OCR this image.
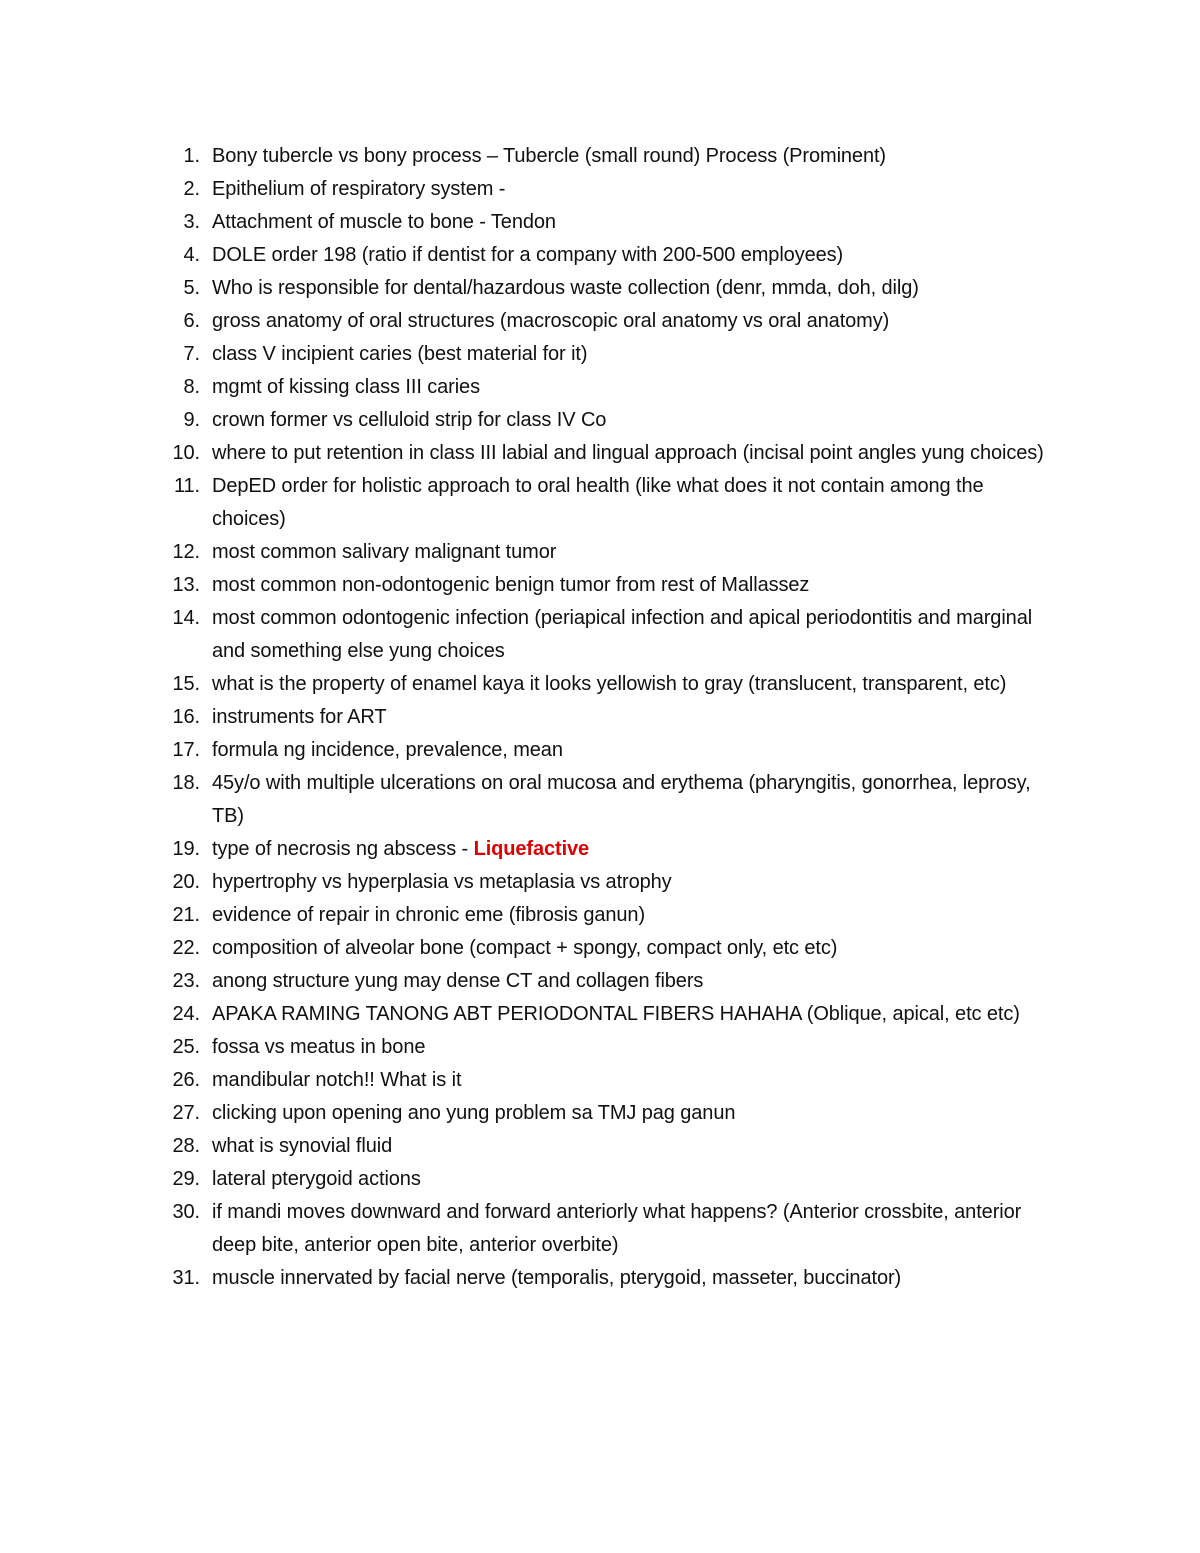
1. Bony tubercle vs bony process – Tubercle (small round) Process (Prominent)
2. Epithelium of respiratory system -
3. Attachment of muscle to bone - Tendon
4. DOLE order 198 (ratio if dentist for a company with 200-500 employees)
5. Who is responsible for dental/hazardous waste collection (denr, mmda, doh, dilg)
6. gross anatomy of oral structures (macroscopic oral anatomy vs oral anatomy)
7. class V incipient caries (best material for it)
8. mgmt of kissing class III caries
9. crown former vs celluloid strip for class IV Co
10. where to put retention in class III labial and lingual approach (incisal point angles yung choices)
11. DepED order for holistic approach to oral health (like what does it not contain among the choices)
12. most common salivary malignant tumor
13. most common non-odontogenic benign tumor from rest of Mallassez
14. most common odontogenic infection (periapical infection and apical periodontitis and marginal and something else yung choices
15. what is the property of enamel kaya it looks yellowish to gray (translucent, transparent, etc)
16. instruments for ART
17. formula ng incidence, prevalence, mean
18. 45y/o with multiple ulcerations on oral mucosa and erythema (pharyngitis, gonorrhea, leprosy, TB)
19. type of necrosis ng abscess - Liquefactive
20. hypertrophy vs hyperplasia vs metaplasia vs atrophy
21. evidence of repair in chronic eme (fibrosis ganun)
22. composition of alveolar bone (compact + spongy, compact only, etc etc)
23. anong structure yung may dense CT and collagen fibers
24. APAKA RAMING TANONG ABT PERIODONTAL FIBERS HAHAHA (Oblique, apical, etc etc)
25. fossa vs meatus in bone
26. mandibular notch!! What is it
27. clicking upon opening ano yung problem sa TMJ pag ganun
28. what is synovial fluid
29. lateral pterygoid actions
30. if mandi moves downward and forward anteriorly what happens? (Anterior crossbite, anterior deep bite, anterior open bite, anterior overbite)
31. muscle innervated by facial nerve (temporalis, pterygoid, masseter, buccinator)
